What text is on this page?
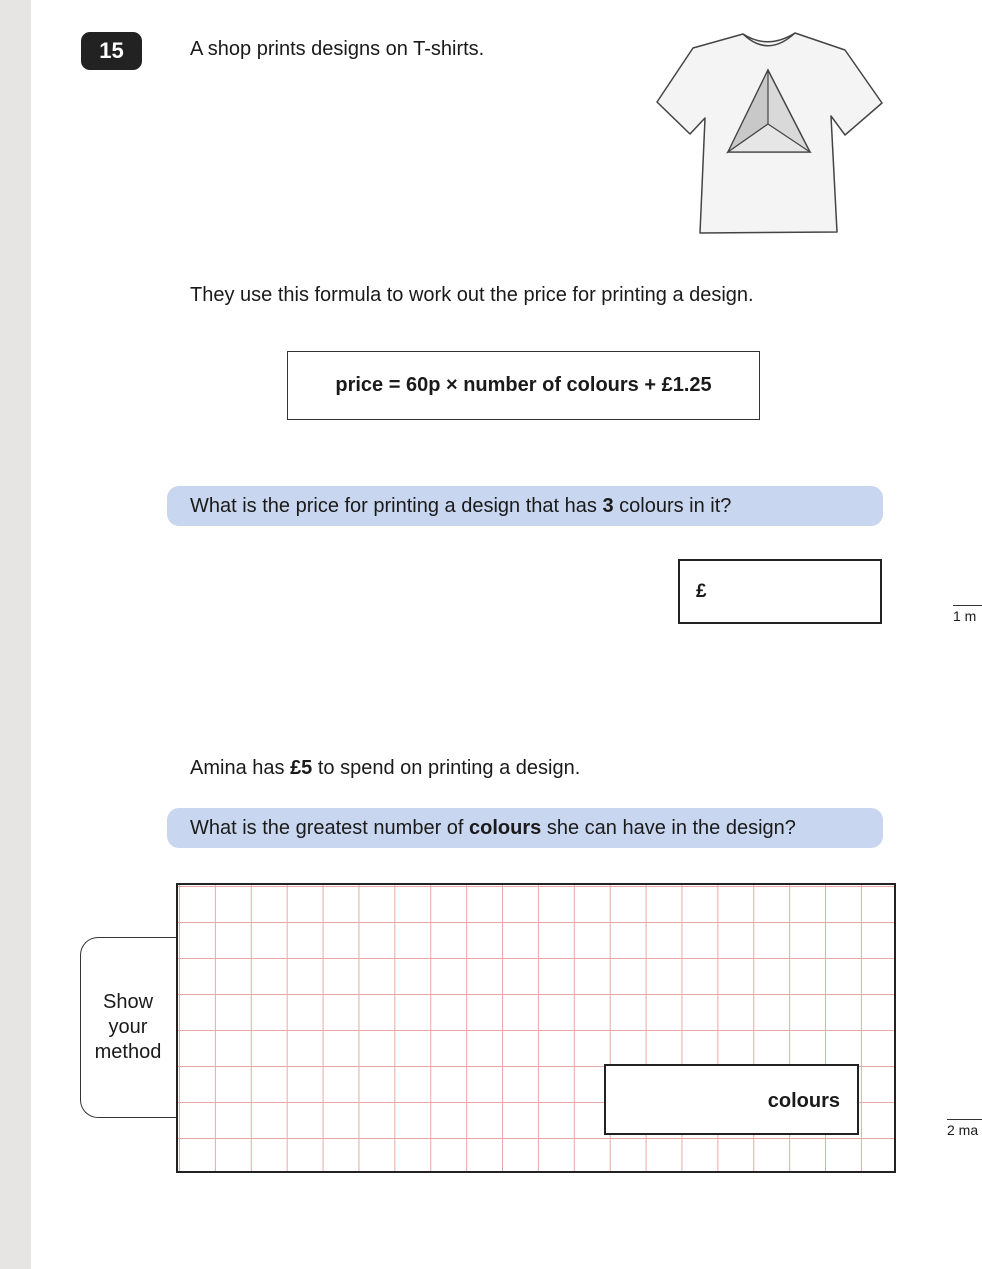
15	A shop prints designs on T-shirts.
They use this formula to work out the price for printing a design.
price = 60p × number of colours + £1.25
What is the price for printing a design that has 3 colours in it?
£
1 m
Amina has £5 to spend on printing a design.
What is the greatest number of colours she can have in the design?
Show
your
method
colours
2 ma
